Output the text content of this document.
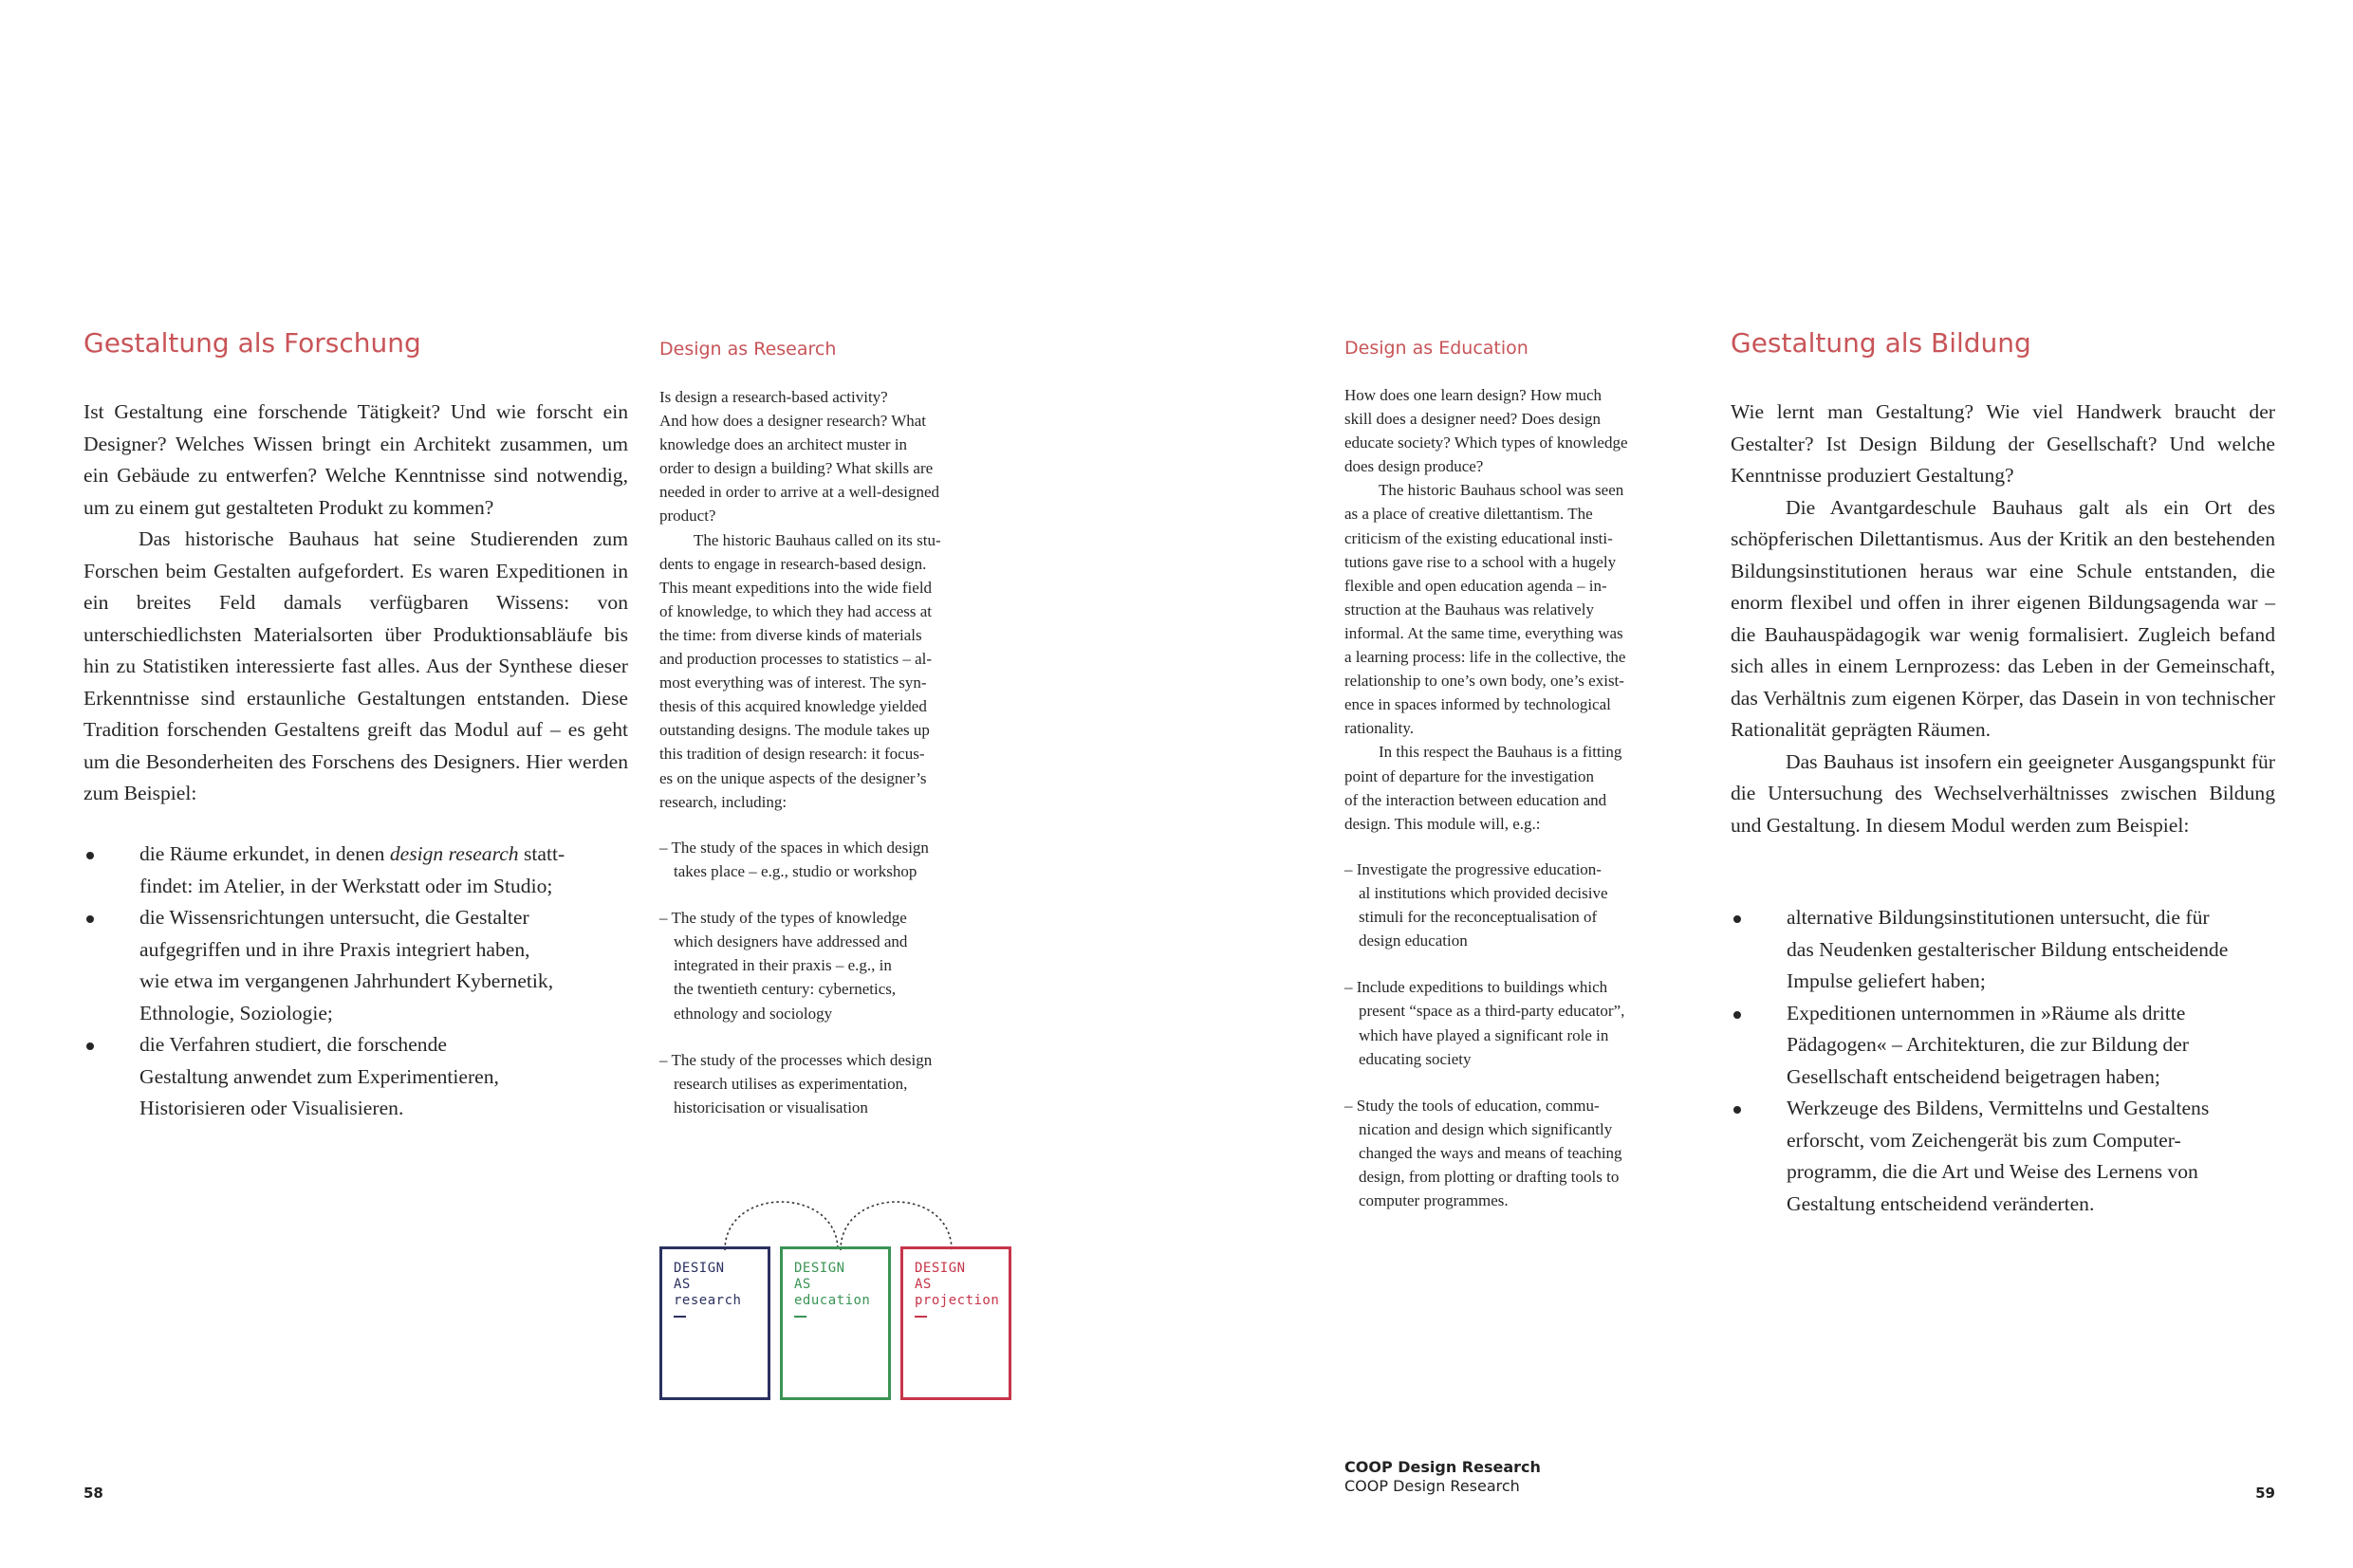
Gestaltung als Forschung

Ist Gestaltung eine forschende Tätigkeit? Und wie forscht ein Designer? Welches Wissen bringt ein Architekt zusammen, um ein Gebäude zu entwerfen? Welche Kenntnisse sind notwendig, um zu einem gut gestalteten Produkt zu kommen?

Das historische Bauhaus hat seine Studierenden zum Forschen beim Gestalten aufgefordert. Es waren Expeditionen in ein breites Feld damals verfügbaren Wissens: von unterschiedlichsten Materialsorten über Produktionsabläufe bis hin zu Statistiken interessierte fast alles. Aus der Synthese dieser Erkenntnisse sind erstaunliche Gestaltungen entstanden. Diese Tradition forschenden Gestaltens greift das Modul auf – es geht um die Besonderheiten des Forschens des Designers. Hier werden zum Beispiel:

die Räume erkundet, in denen design research statt-
findet: im Atelier, in der Werkstatt oder im Studio;
die Wissensrichtungen untersucht, die Gestalter
aufgegriffen und in ihre Praxis integriert haben,
wie etwa im vergangenen Jahrhundert Kybernetik,
Ethnologie, Soziologie;
die Verfahren studiert, die forschende
Gestaltung anwendet zum Experimentieren,
Historisieren oder Visualisieren.
Design as Research
Is design a research-based activity?
And how does a designer research? What
knowledge does an architect muster in
order to design a building? What skills are
needed in order to arrive at a well-designed
product?
The historic Bauhaus called on its stu-
dents to engage in research-based design.
This meant expeditions into the wide field
of knowledge, to which they had access at
the time: from diverse kinds of materials
and production processes to statistics – al-
most everything was of interest. The syn-
thesis of this acquired knowledge yielded
outstanding designs. The module takes up
this tradition of design research: it focus-
es on the unique aspects of the designer’s
research, including:
– The study of the spaces in which design
takes place – e.g., studio or workshop
– The study of the types of knowledge
which designers have addressed and
integrated in their praxis – e.g., in
the twentieth century: cybernetics,
ethnology and sociology
– The study of the processes which design
research utilises as experimentation,
historicisation or visualisation
DESIGN
AS
research
DESIGN
AS
education
DESIGN
AS
projection
58
Design as Education
How does one learn design? How much
skill does a designer need? Does design
educate society? Which types of knowledge
does design produce?
The historic Bauhaus school was seen
as a place of creative dilettantism. The
criticism of the existing educational insti-
tutions gave rise to a school with a hugely
flexible and open education agenda – in-
struction at the Bauhaus was relatively
informal. At the same time, everything was
a learning process: life in the collective, the
relationship to one’s own body, one’s exist-
ence in spaces informed by technological
rationality.
In this respect the Bauhaus is a fitting
point of departure for the investigation
of the interaction between education and
design. This module will, e.g.:
– Investigate the progressive education-
al institutions which provided decisive
stimuli for the reconceptualisation of
design education
– Include expeditions to buildings which
present “space as a third-party educator”,
which have played a significant role in
educating society
– Study the tools of education, commu-
nication and design which significantly
changed the ways and means of teaching
design, from plotting or drafting tools to
computer programmes.
Gestaltung als Bildung

Wie lernt man Gestaltung? Wie viel Handwerk braucht der Gestalter? Ist Design Bildung der Gesellschaft? Und welche Kenntnisse produziert Gestaltung?

Die Avantgardeschule Bauhaus galt als ein Ort des schöpferischen Dilettantismus. Aus der Kritik an den bestehenden Bildungsinstitutionen heraus war eine Schule entstanden, die enorm flexibel und offen in ihrer eigenen Bildungsagenda war – die Bauhauspädagogik war wenig formalisiert. Zugleich befand sich alles in einem Lernprozess: das Leben in der Gemeinschaft, das Verhältnis zum eigenen Körper, das Dasein in von technischer Rationalität geprägten Räumen.

Das Bauhaus ist insofern ein geeigneter Ausgangspunkt für die Untersuchung des Wechselverhältnisses zwischen Bildung und Gestaltung. In diesem Modul werden zum Beispiel:

alternative Bildungsinstitutionen untersucht, die für
das Neudenken gestalterischer Bildung entscheidende
Impulse geliefert haben;
Expeditionen unternommen in »Räume als dritte
Pädagogen« – Architekturen, die zur Bildung der
Gesellschaft entscheidend beigetragen haben;
Werkzeuge des Bildens, Vermittelns und Gestaltens
erforscht, vom Zeichengerät bis zum Computer-
programm, die die Art und Weise des Lernens von
Gestaltung entscheidend veränderten.
COOP Design Research
COOP Design Research	59
